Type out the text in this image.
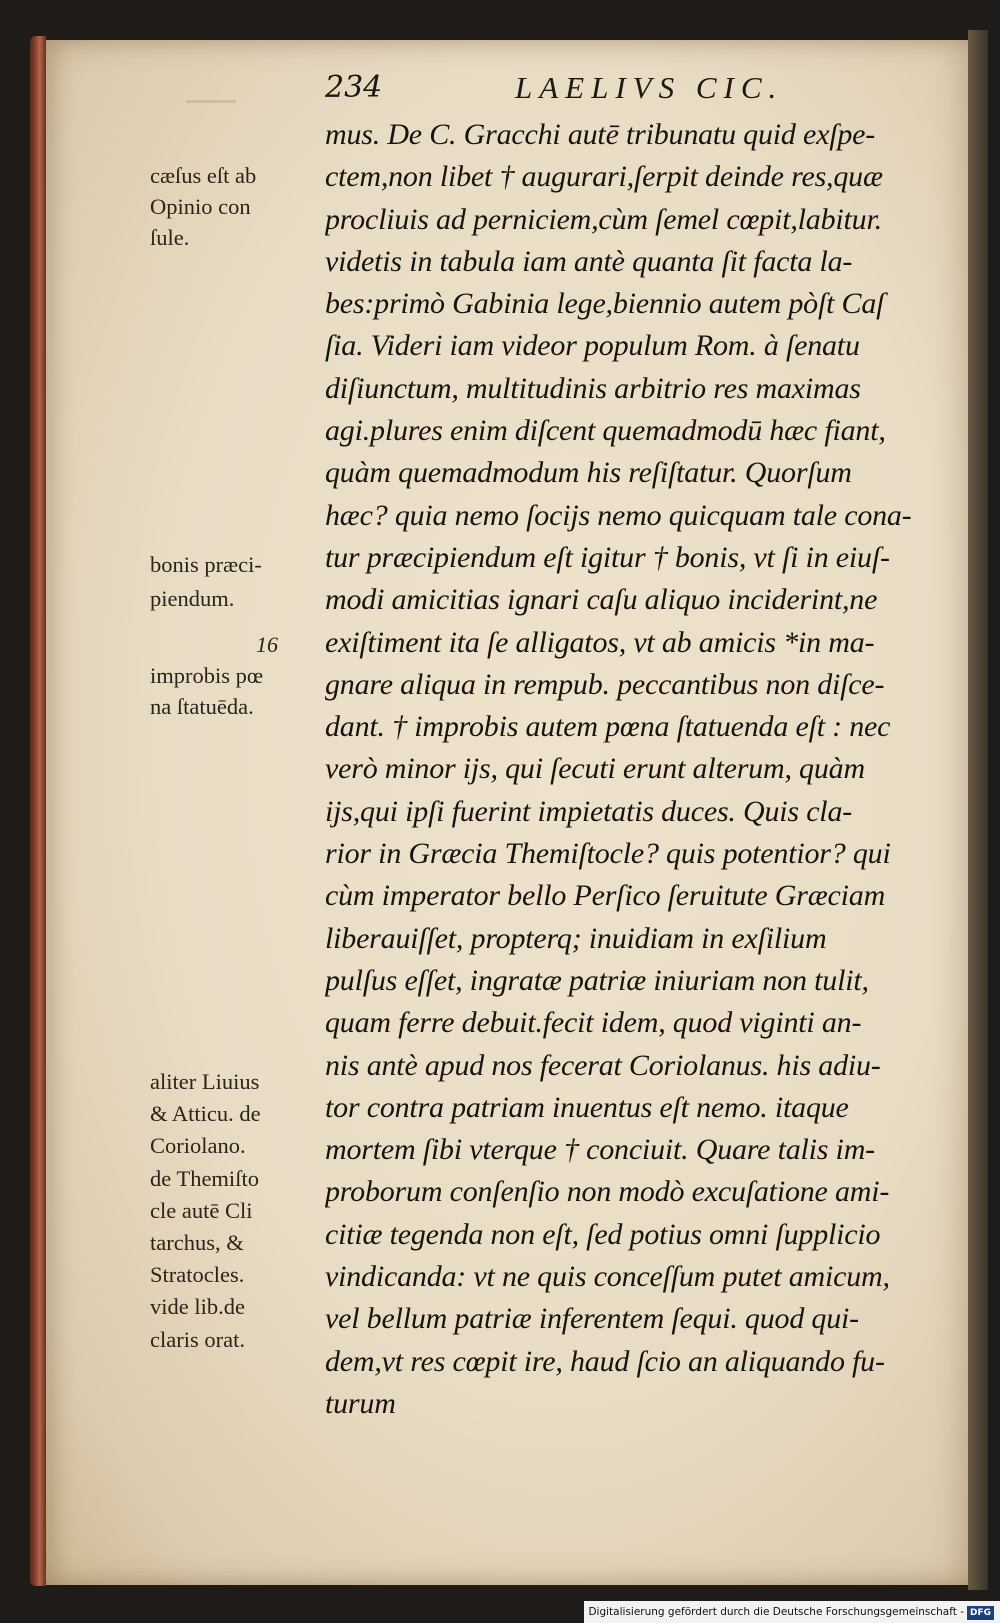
234	LAELIVS CIC.
mus. De C. Gracchi autē tribunatu quid exſpe-
ctem,non libet † augurari,ſerpit deinde res,quæ
procliuis ad perniciem,cùm ſemel cœpit,labitur.
videtis in tabula iam antè quanta ſit facta la-
bes:primò Gabinia lege,biennio autem pòſt Caſ
ſia. Videri iam videor populum Rom. à ſenatu
diſiunctum, multitudinis arbitrio res maximas
agi.plures enim diſcent quemadmodū hæc fiant,
quàm quemadmodum his reſiſtatur. Quorſum
hæc? quia nemo ſocijs nemo quicquam tale cona-
tur præcipiendum eſt igitur † bonis, vt ſi in eiuſ-
modi amicitias ignari caſu aliquo inciderint,ne
exiſtiment ita ſe alligatos, vt ab amicis *in ma-
gnare aliqua in rempub. peccantibus non diſce-
dant. † improbis autem pœna ſtatuenda eſt : nec
verò minor ijs, qui ſecuti erunt alterum, quàm
ijs,qui ipſi fuerint impietatis duces. Quis cla-
rior in Græcia Themiſtocle? quis potentior? qui
cùm imperator bello Perſico ſeruitute Græciam
liberauiſſet, propterq; inuidiam in exſilium
pulſus eſſet, ingratæ patriæ iniuriam non tulit,
quam ferre debuit.fecit idem, quod viginti an-
nis antè apud nos fecerat Coriolanus. his adiu-
tor contra patriam inuentus eſt nemo. itaque
mortem ſibi vterque † conciuit. Quare talis im-
proborum conſenſio non modò excuſatione ami-
citiæ tegenda non eſt, ſed potius omni ſupplicio
vindicanda: vt ne quis conceſſum putet amicum,
vel bellum patriæ inferentem ſequi. quod qui-
dem,vt res cœpit ire, haud ſcio an aliquando fu-
turum
cæſus eſt ab
Opinio con
ſule.
bonis præci-
piendum.
16
improbis pœ
na ſtatuēda.
aliter Liuius
& Atticu. de
Coriolano.
de Themiſto
cle autē Cli
tarchus, &
Stratocles.
vide lib.de
claris orat.
Digitalisierung gefördert durch die Deutsche Forschungsgemeinschaft - DFG
